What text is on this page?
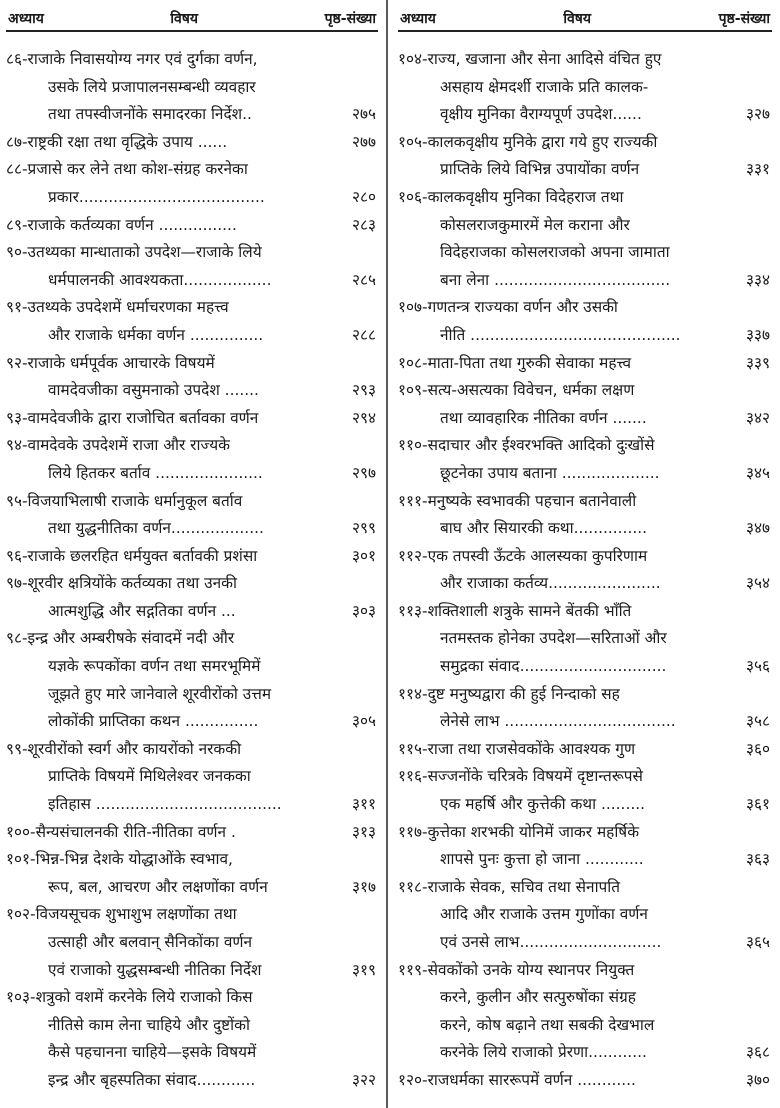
अध्याय	विषय	पृष्ठ-संख्या
८६-राजाके निवासयोग्य नगर एवं दुर्गका वर्णन,
उसके लिये प्रजापालनसम्बन्धी व्यवहार
तथा तपस्वीजनोंके समादरका निर्देश..	२७५
८७-राष्ट्रकी रक्षा तथा वृद्धिके उपाय ......	२७७
८८-प्रजासे कर लेने तथा कोश-संग्रह करनेका
प्रकार......................................	२८०
८९-राजाके कर्तव्यका वर्णन ................	२८३
९०-उतथ्यका मान्धाताको उपदेश—राजाके लिये
धर्मपालनकी आवश्यकता..................	२८५
९१-उतथ्यके उपदेशमें धर्माचरणका महत्त्व
और राजाके धर्मका वर्णन ...............	२८८
९२-राजाके धर्मपूर्वक आचारके विषयमें
वामदेवजीका वसुमनाको उपदेश .......	२९३
९३-वामदेवजीके द्वारा राजोचित बर्तावका वर्णन	२९४
९४-वामदेवके उपदेशमें राजा और राज्यके
लिये हितकर बर्ताव ......................	२९७
९५-विजयाभिलाषी राजाके धर्मानुकूल बर्ताव
तथा युद्धनीतिका वर्णन...................	२९९
९६-राजाके छलरहित धर्मयुक्त बर्तावकी प्रशंसा	३०१
९७-शूरवीर क्षत्रियोंके कर्तव्यका तथा उनकी
आत्मशुद्धि और सद्गतिका वर्णन ...	३०३
९८-इन्द्र और अम्बरीषके संवादमें नदी और
यज्ञके रूपकोंका वर्णन तथा समरभूमिमें
जूझते हुए मारे जानेवाले शूरवीरोंको उत्तम
लोकोंकी प्राप्तिका कथन ...............	३०५
९९-शूरवीरोंको स्वर्ग और कायरोंको नरककी
प्राप्तिके विषयमें मिथिलेश्वर जनकका
इतिहास ......................................	३११
१००-सैन्यसंचालनकी रीति-नीतिका वर्णन .	३१३
१०१-भिन्न-भिन्न देशके योद्धाओंके स्वभाव,
रूप, बल, आचरण और लक्षणोंका वर्णन	३१७
१०२-विजयसूचक शुभाशुभ लक्षणोंका तथा
उत्साही और बलवान् सैनिकोंका वर्णन
एवं राजाको युद्धसम्बन्धी नीतिका निर्देश	३१९
१०३-शत्रुको वशमें करनेके लिये राजाको किस
नीतिसे काम लेना चाहिये और दुष्टोंको
कैसे पहचानना चाहिये—इसके विषयमें
इन्द्र और बृहस्पतिका संवाद............	३२२
अध्याय	विषय	पृष्ठ-संख्या
१०४-राज्य, खजाना और सेना आदिसे वंचित हुए
असहाय क्षेमदर्शी राजाके प्रति कालक-
वृक्षीय मुनिका वैराग्यपूर्ण उपदेश......	३२७
१०५-कालकवृक्षीय मुनिके द्वारा गये हुए राज्यकी
प्राप्तिके लिये विभिन्न उपायोंका वर्णन	३३१
१०६-कालकवृक्षीय मुनिका विदेहराज तथा
कोसलराजकुमारमें मेल कराना और
विदेहराजका कोसलराजको अपना जामाता
बना लेना ....................................	३३४
१०७-गणतन्त्र राज्यका वर्णन और उसकी
नीति ...........................................	३३७
१०८-माता-पिता तथा गुरुकी सेवाका महत्त्व	३३९
१०९-सत्य-असत्यका विवेचन, धर्मका लक्षण
तथा व्यावहारिक नीतिका वर्णन .......	३४२
११०-सदाचार और ईश्वरभक्ति आदिको दुःखोंसे
छूटनेका उपाय बताना ....................	३४५
१११-मनुष्यके स्वभावकी पहचान बतानेवाली
बाघ और सियारकी कथा...............	३४७
११२-एक तपस्वी ऊँटके आलस्यका कुपरिणाम
और राजाका कर्तव्य.......................	३५४
११३-शक्तिशाली शत्रुके सामने बेंतकी भाँति
नतमस्तक होनेका उपदेश—सरिताओं और
समुद्रका संवाद..............................	३५६
११४-दुष्ट मनुष्यद्वारा की हुई निन्दाको सह
लेनेसे लाभ ...................................	३५८
११५-राजा तथा राजसेवकोंके आवश्यक गुण	३६०
११६-सज्जनोंके चरित्रके विषयमें दृष्टान्तरूपसे
एक महर्षि और कुत्तेकी कथा .........	३६१
११७-कुत्तेका शरभकी योनिमें जाकर महर्षिके
शापसे पुनः कुत्ता हो जाना ............	३६३
११८-राजाके सेवक, सचिव तथा सेनापति
आदि और राजाके उत्तम गुणोंका वर्णन
एवं उनसे लाभ.............................	३६५
११९-सेवकोंको उनके योग्य स्थानपर नियुक्त
करने, कुलीन और सत्पुरुषोंका संग्रह
करने, कोष बढ़ाने तथा सबकी देखभाल
करनेके लिये राजाको प्रेरणा............	३६८
१२०-राजधर्मका साररूपमें वर्णन ............	३७०
